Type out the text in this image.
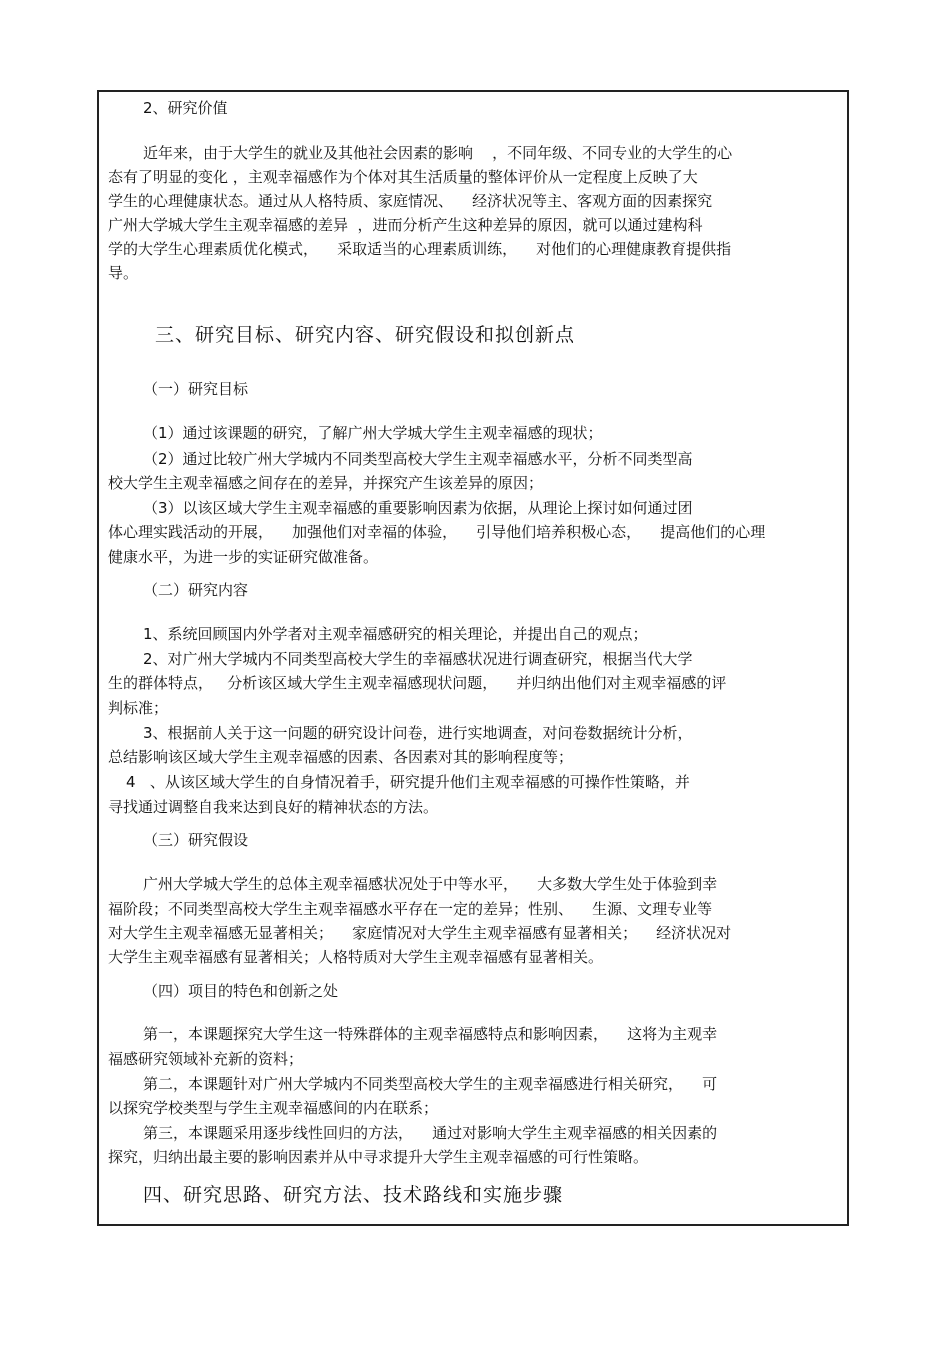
2、研究价值
近年来，由于大学生的就业及其他社会因素的影响    ，不同年级、不同专业的大学生的心
态有了明显的变化 ，主观幸福感作为个体对其生活质量的整体评价从一定程度上反映了大
学生的心理健康状态。通过从人格特质、家庭情况、    经济状况等主、客观方面的因素探究
广州大学城大学生主观幸福感的差异  ，进而分析产生这种差异的原因，就可以通过建构科
学的大学生心理素质优化模式，    采取适当的心理素质训练，    对他们的心理健康教育提供指
导。
三、研究目标、研究内容、研究假设和拟创新点
（一）研究目标
（1）通过该课题的研究，了解广州大学城大学生主观幸福感的现状；
（2）通过比较广州大学城内不同类型高校大学生主观幸福感水平，分析不同类型高
校大学生主观幸福感之间存在的差异，并探究产生该差异的原因；
（3）以该区域大学生主观幸福感的重要影响因素为依据，从理论上探讨如何通过团
体心理实践活动的开展，    加强他们对幸福的体验，    引导他们培养积极心态，    提高他们的心理
健康水平，为进一步的实证研究做准备。
（二）研究内容
1、系统回顾国内外学者对主观幸福感研究的相关理论，并提出自己的观点；
2、对广州大学城内不同类型高校大学生的幸福感状况进行调查研究，根据当代大学
生的群体特点，   分析该区域大学生主观幸福感现状问题，    并归纳出他们对主观幸福感的评
判标准；
3、根据前人关于这一问题的研究设计问卷，进行实地调查，对问卷数据统计分析，
总结影响该区域大学生主观幸福感的因素、各因素对其的影响程度等；
4   、从该区域大学生的自身情况着手，研究提升他们主观幸福感的可操作性策略，并
寻找通过调整自我来达到良好的精神状态的方法。
（三）研究假设
广州大学城大学生的总体主观幸福感状况处于中等水平，    大多数大学生处于体验到幸
福阶段；不同类型高校大学生主观幸福感水平存在一定的差异；性别、    生源、文理专业等
对大学生主观幸福感无显著相关；    家庭情况对大学生主观幸福感有显著相关；    经济状况对
大学生主观幸福感有显著相关；人格特质对大学生主观幸福感有显著相关。
（四）项目的特色和创新之处
第一，本课题探究大学生这一特殊群体的主观幸福感特点和影响因素，    这将为主观幸
福感研究领域补充新的资料；
第二，本课题针对广州大学城内不同类型高校大学生的主观幸福感进行相关研究，    可
以探究学校类型与学生主观幸福感间的内在联系；
第三，本课题采用逐步线性回归的方法，    通过对影响大学生主观幸福感的相关因素的
探究，归纳出最主要的影响因素并从中寻求提升大学生主观幸福感的可行性策略。
四、研究思路、研究方法、技术路线和实施步骤
